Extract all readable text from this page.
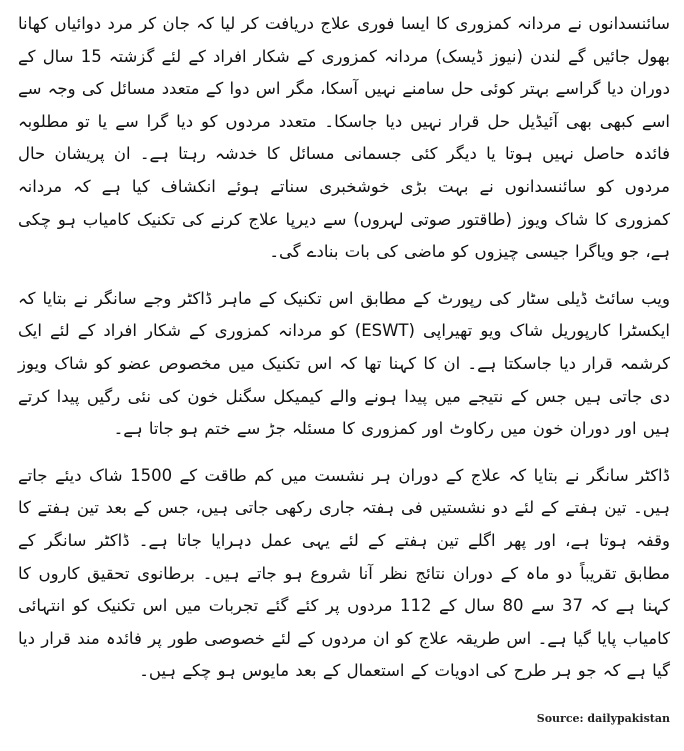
سائنسدانوں نے مردانہ کمزوری کا ایسا فوری علاج دریافت کر لیا کہ جان کر مرد دوائیاں کھانا بھول جائیں گے لندن (نیوز ڈیسک) مردانہ کمزوری کے شکار افراد کے لئے گزشتہ 15 سال کے دوران دیا گراسے بہتر کوئی حل سامنے نہیں آسکا، مگر اس دوا کے متعدد مسائل کی وجہ سے اسے کبھی بھی آئیڈیل حل قرار نہیں دیا جاسکا۔ متعدد مردوں کو دیا گرا سے یا تو مطلوبہ فائدہ حاصل نہیں ہوتا یا دیگر کئی جسمانی مسائل کا خدشہ رہتا ہے۔ ان پریشان حال مردوں کو سائنسدانوں نے بہت بڑی خوشخبری سناتے ہوئے انکشاف کیا ہے کہ مردانہ کمزوری کا شاک ویوز (طاقتور صوتی لہروں) سے دیرپا علاج کرنے کی تکنیک کامیاب ہو چکی ہے، جو ویاگرا جیسی چیزوں کو ماضی کی بات بنادے گی۔

ویب سائٹ ڈیلی سٹار کی رپورٹ کے مطابق اس تکنیک کے ماہر ڈاکٹر وجے سانگر نے بتایا کہ ایکسٹرا کارپوریل شاک ویو تھیراپی (ESWT) کو مردانہ کمزوری کے شکار افراد کے لئے ایک کرشمہ قرار دیا جاسکتا ہے۔ ان کا کہنا تھا کہ اس تکنیک میں مخصوص عضو کو شاک ویوز دی جاتی ہیں جس کے نتیجے میں پیدا ہونے والے کیمیکل سگنل خون کی نئی رگیں پیدا کرتے ہیں اور دوران خون میں رکاوٹ اور کمزوری کا مسئلہ جڑ سے ختم ہو جاتا ہے۔

ڈاکٹر سانگر نے بتایا کہ علاج کے دوران ہر نشست میں کم طاقت کے 1500 شاک دیئے جاتے ہیں۔ تین ہفتے کے لئے دو نشستیں فی ہفتہ جاری رکھی جاتی ہیں، جس کے بعد تین ہفتے کا وقفہ ہوتا ہے، اور پھر اگلے تین ہفتے کے لئے یہی عمل دہرایا جاتا ہے۔ ڈاکٹر سانگر کے مطابق تقریباً دو ماہ کے دوران نتائج نظر آنا شروع ہو جاتے ہیں۔ برطانوی تحقیق کاروں کا کہنا ہے کہ 37 سے 80 سال کے 112 مردوں پر کئے گئے تجربات میں اس تکنیک کو انتہائی کامیاب پایا گیا ہے۔ اس طریقہ علاج کو ان مردوں کے لئے خصوصی طور پر فائدہ مند قرار دیا گیا ہے کہ جو ہر طرح کی ادویات کے استعمال کے بعد مایوس ہو چکے ہیں۔

Source: dailypakistan
